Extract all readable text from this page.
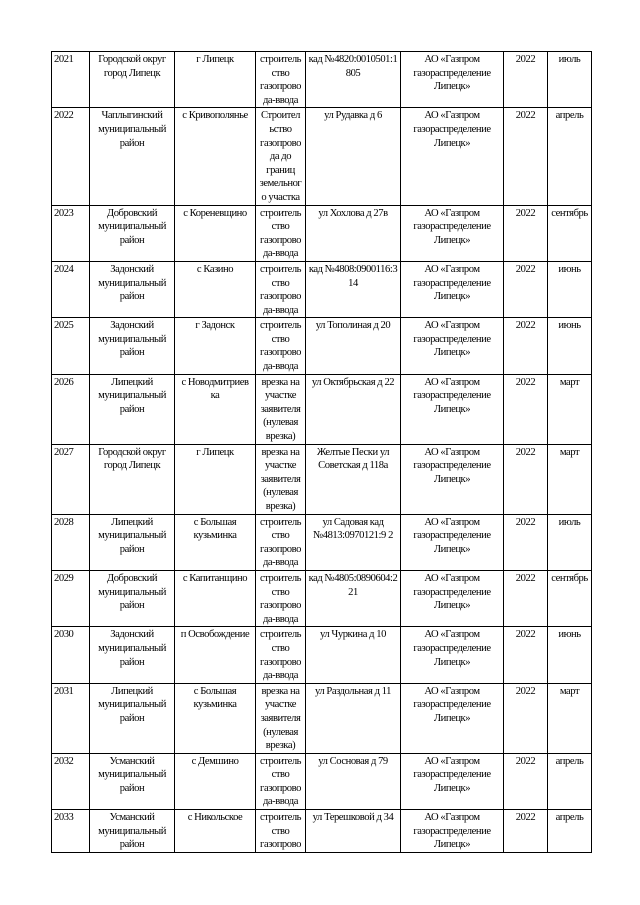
2021	Городской округ город Липецк	г Липецк	строитель ство газопрово да-ввода	кад №4820:0010501:1 805	АО «Газпром газораспределение Липецк»	2022	июль
2022	Чаплыгинский муниципальный район	с Кривополянье	Строител ьство газопрово да до границ земельног о участка	ул Рудавка д 6	АО «Газпром газораспределение Липецк»	2022	апрель
2023	Добровский муниципальный район	с Кореневщино	строитель ство газопрово да-ввода	ул Хохлова д 27в	АО «Газпром газораспределение Липецк»	2022	сентябрь
2024	Задонский муниципальный район	с Казино	строитель ство газопрово да-ввода	кад №4808:0900116:3 14	АО «Газпром газораспределение Липецк»	2022	июнь
2025	Задонский муниципальный район	г Задонск	строитель ство газопрово да-ввода	ул Тополиная д 20	АО «Газпром газораспределение Липецк»	2022	июнь
2026	Липецкий муниципальный район	с Новодмитриев ка	врезка на участке заявителя (нулевая врезка)	ул Октябрьская д 22	АО «Газпром газораспределение Липецк»	2022	март
2027	Городской округ город Липецк	г Липецк	врезка на участке заявителя (нулевая врезка)	Желтые Пески ул Советская д 118а	АО «Газпром газораспределение Липецк»	2022	март
2028	Липецкий муниципальный район	с Большая кузьминка	строитель ство газопрово да-ввода	ул Садовая кад №4813:0970121:9 2	АО «Газпром газораспределение Липецк»	2022	июль
2029	Добровский муниципальный район	с Капитанщино	строитель ство газопрово да-ввода	кад №4805:0890604:2 21	АО «Газпром газораспределение Липецк»	2022	сентябрь
2030	Задонский муниципальный район	п Освобождение	строитель ство газопрово да-ввода	ул Чуркина д 10	АО «Газпром газораспределение Липецк»	2022	июнь
2031	Липецкий муниципальный район	с Большая кузьминка	врезка на участке заявителя (нулевая врезка)	ул Раздольная д 11	АО «Газпром газораспределение Липецк»	2022	март
2032	Усманский муниципальный район	с Демшино	строитель ство газопрово да-ввода	ул Сосновая д 79	АО «Газпром газораспределение Липецк»	2022	апрель
2033	Усманский муниципальный район	с Никольское	строитель ство газопрово	ул Терешковой д 34	АО «Газпром газораспределение Липецк»	2022	апрель
